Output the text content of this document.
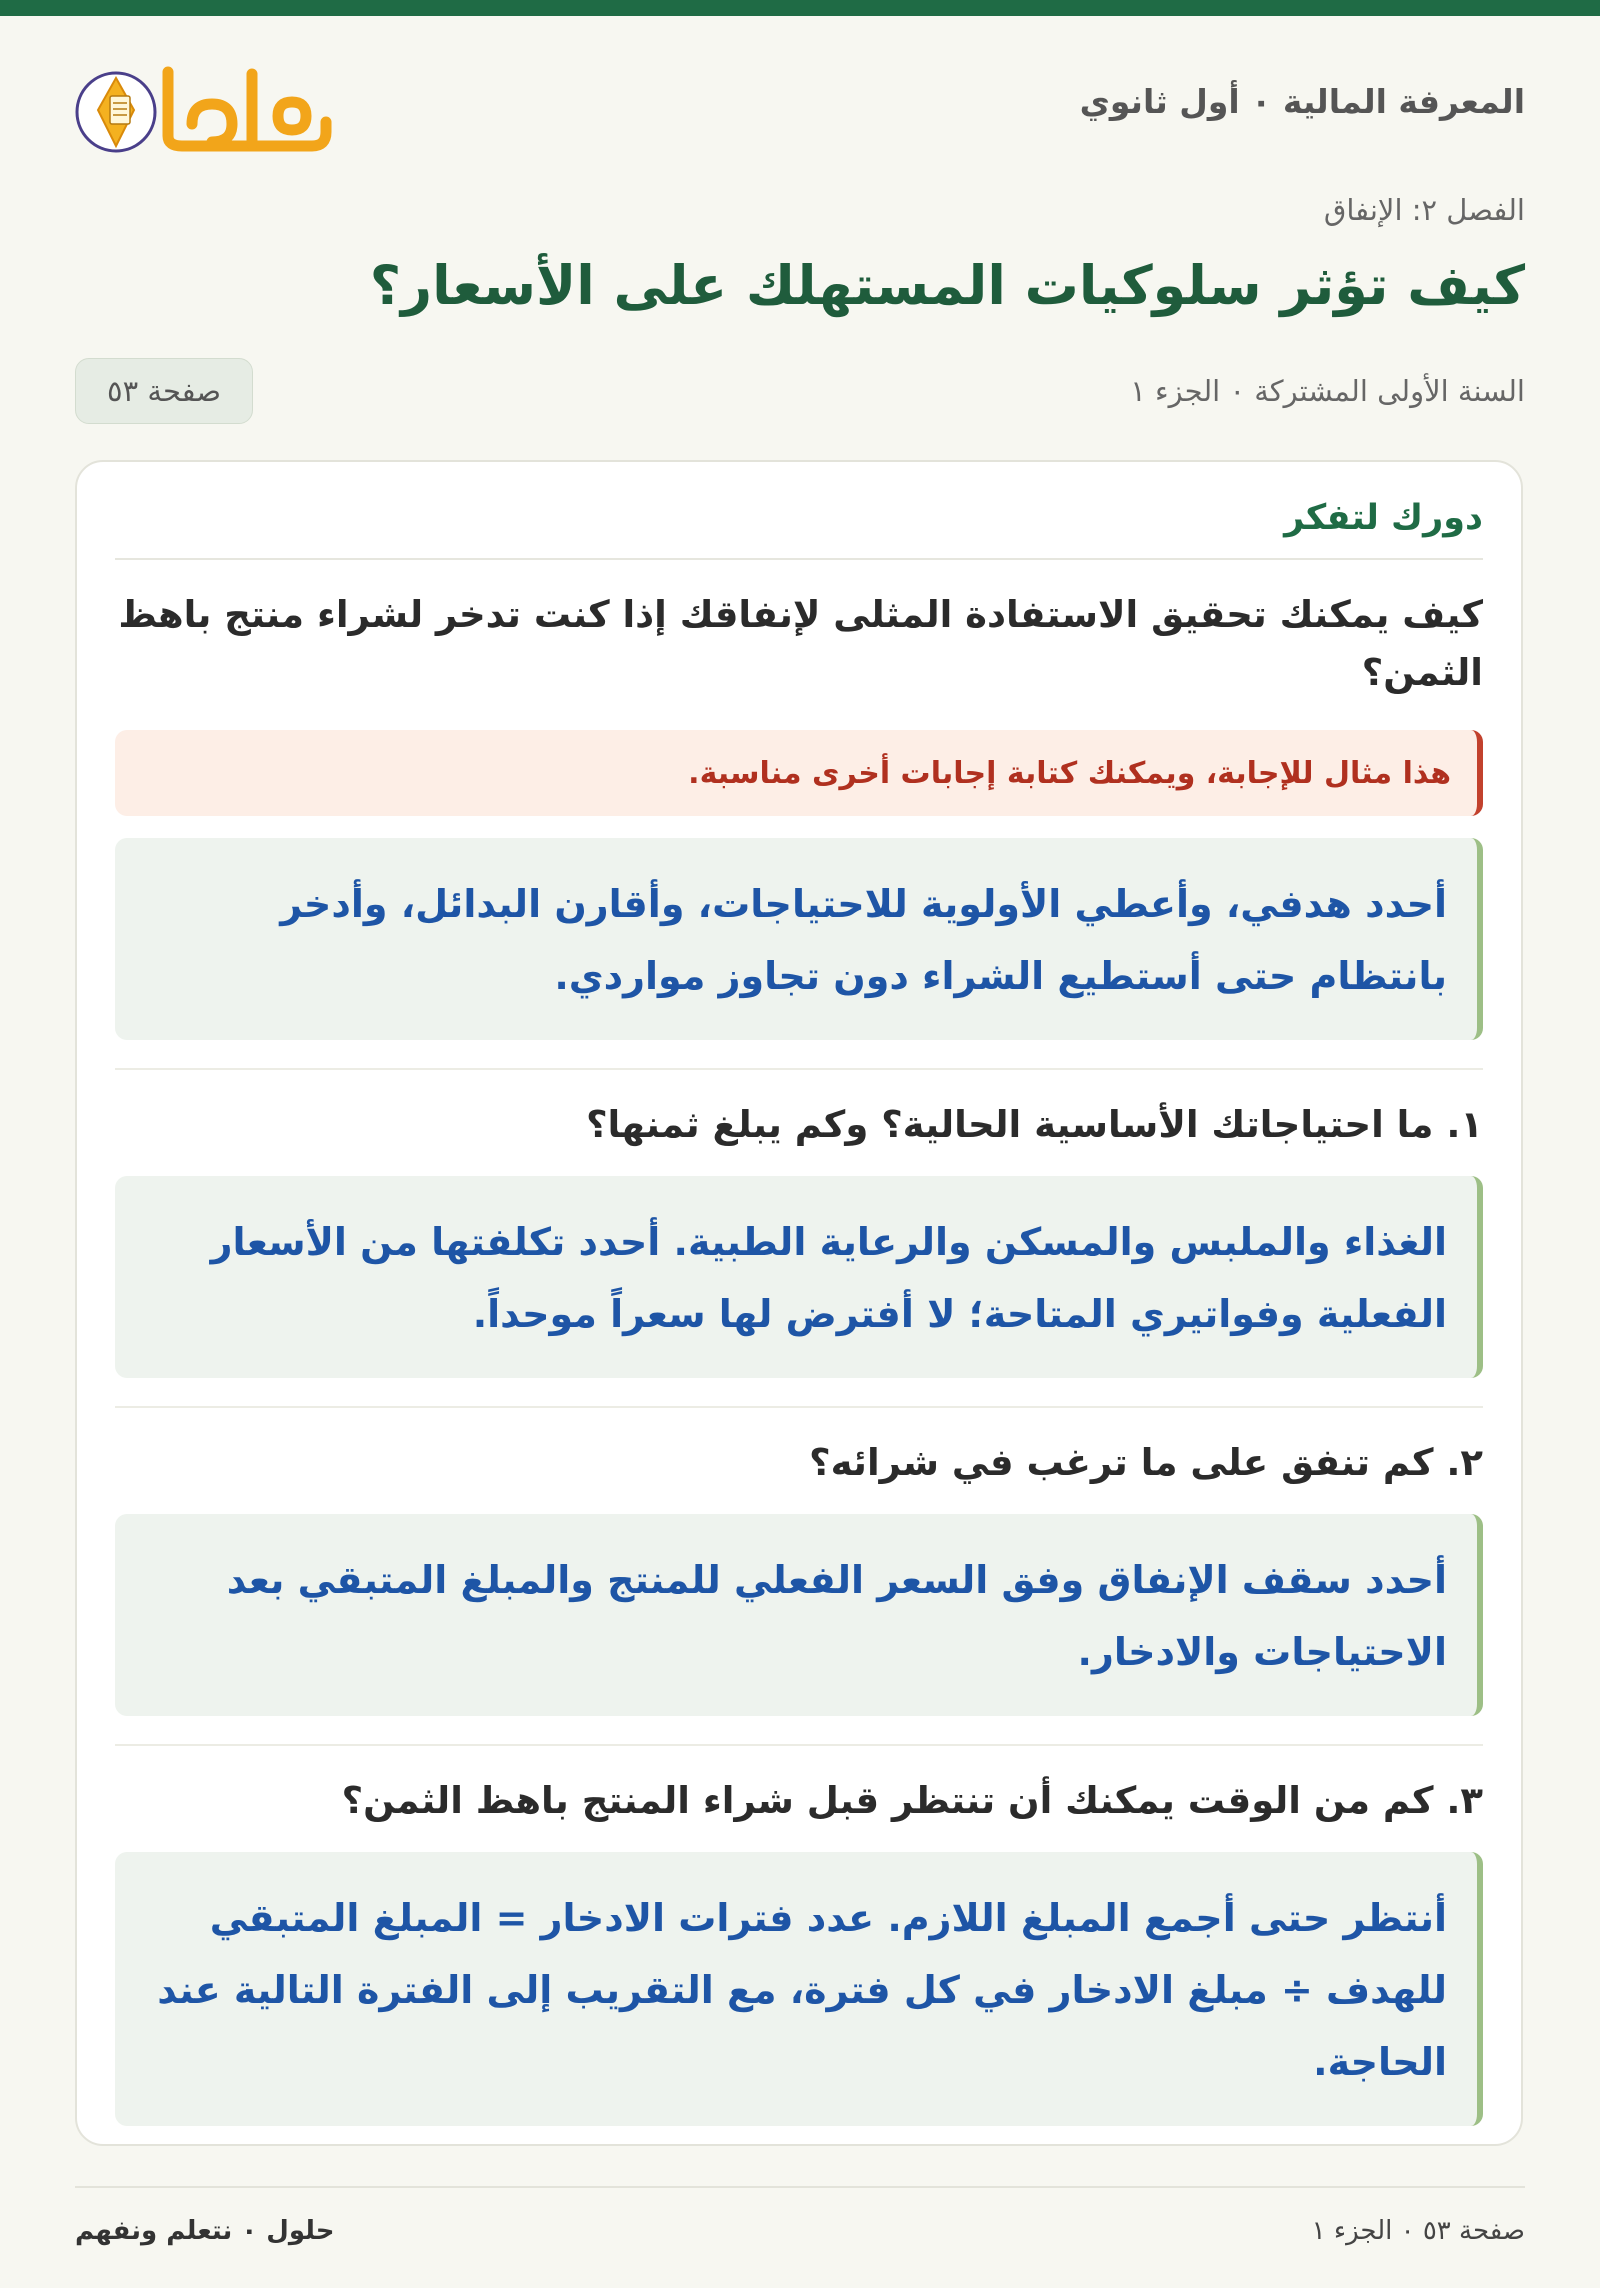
المعرفة المالية ٠ أول ثانوي
الفصل ٢: الإنفاق
كيف تؤثر سلوكيات المستهلك على الأسعار؟
السنة الأولى المشتركة ٠ الجزء ١
صفحة ٥٣
دورك لتفكر

كيف يمكنك تحقيق الاستفادة المثلى لإنفاقك إذا كنت تدخر لشراء منتج باهظ الثمن؟

هذا مثال للإجابة، ويمكنك كتابة إجابات أخرى مناسبة.
أحدد هدفي، وأعطي الأولوية للاحتياجات، وأقارن البدائل، وأدخر بانتظام حتى أستطيع الشراء دون تجاوز مواردي.

١. ما احتياجاتك الأساسية الحالية؟ وكم يبلغ ثمنها؟

الغذاء والملبس والمسكن والرعاية الطبية. أحدد تكلفتها من الأسعار الفعلية وفواتيري المتاحة؛ لا أفترض لها سعراً موحداً.

٢. كم تنفق على ما ترغب في شرائه؟

أحدد سقف الإنفاق وفق السعر الفعلي للمنتج والمبلغ المتبقي بعد الاحتياجات والادخار.

٣. كم من الوقت يمكنك أن تنتظر قبل شراء المنتج باهظ الثمن؟

أنتظر حتى أجمع المبلغ اللازم. عدد فترات الادخار = المبلغ المتبقي للهدف ÷ مبلغ الادخار في كل فترة، مع التقريب إلى الفترة التالية عند الحاجة.
صفحة ٥٣ ٠ الجزء ١
حلول ٠ نتعلم ونفهم
